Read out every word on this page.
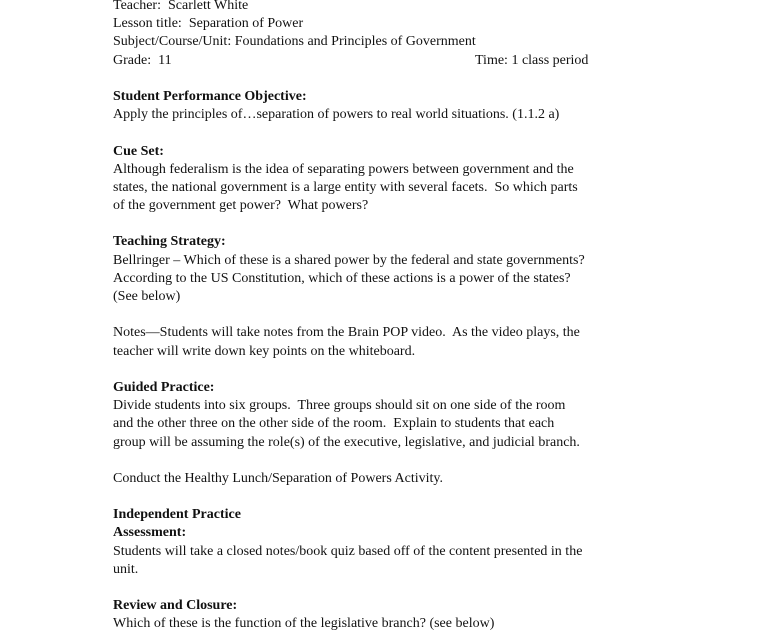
Teacher:  Scarlett White
Lesson title:  Separation of Power
Subject/Course/Unit: Foundations and Principles of Government
Grade:  11	Time: 1 class period
Student Performance Objective:
Apply the principles of…separation of powers to real world situations. (1.1.2 a)
Cue Set:
Although federalism is the idea of separating powers between government and the
states, the national government is a large entity with several facets.  So which parts
of the government get power?  What powers?
Teaching Strategy:
Bellringer – Which of these is a shared power by the federal and state governments?
According to the US Constitution, which of these actions is a power of the states?
(See below)
Notes—Students will take notes from the Brain POP video.  As the video plays, the
teacher will write down key points on the whiteboard.
Guided Practice:
Divide students into six groups.  Three groups should sit on one side of the room
and the other three on the other side of the room.  Explain to students that each
group will be assuming the role(s) of the executive, legislative, and judicial branch.
Conduct the Healthy Lunch/Separation of Powers Activity.
Independent Practice
Assessment:
Students will take a closed notes/book quiz based off of the content presented in the
unit.
Review and Closure:
Which of these is the function of the legislative branch? (see below)
